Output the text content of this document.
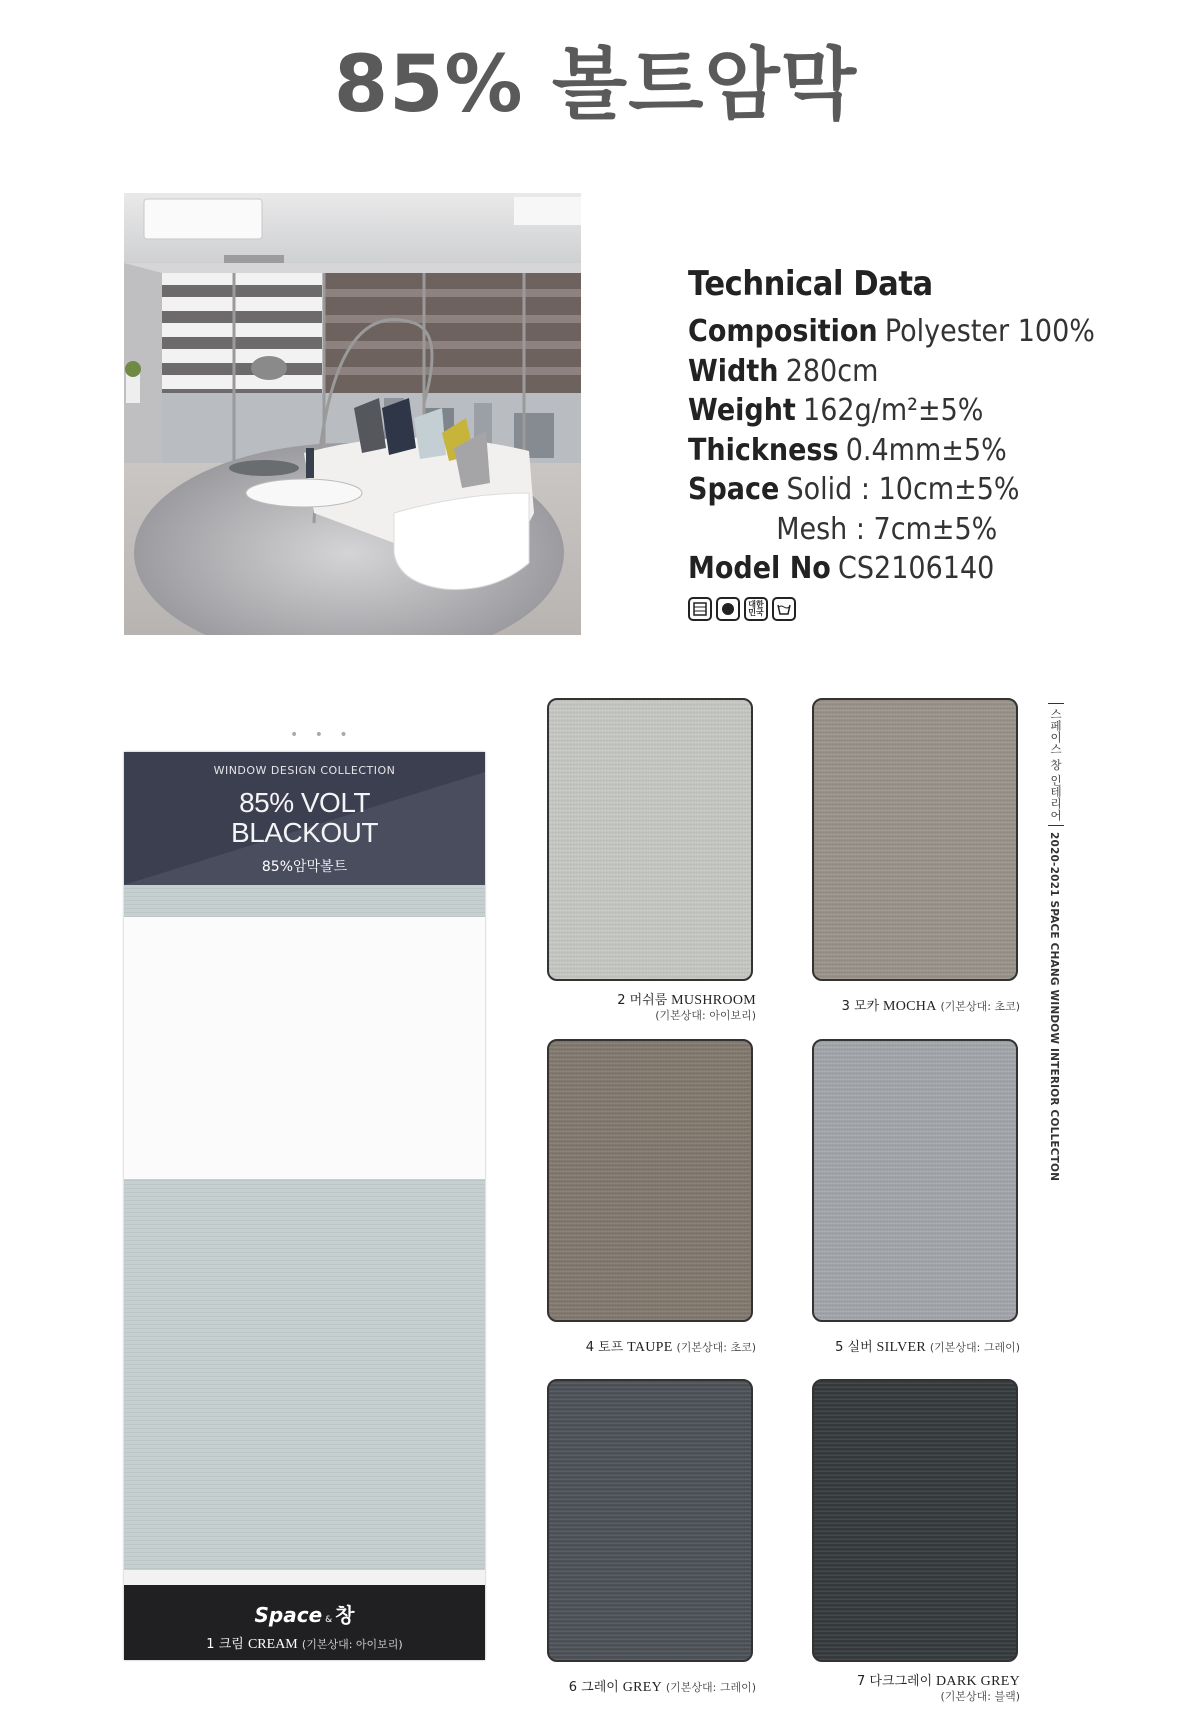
85% 볼트암막
Technical Data
Composition Polyester 100%
Width 280cm
Weight 162g/m²±5%
Thickness 0.4mm±5%
Space Solid : 10cm±5%
Mesh : 7cm±5%
Model No CS2106140
대한민국
• • •
WINDOW DESIGN COLLECTION
85% VOLT BLACKOUT
85%암막볼트
Space & 창
1 크림 CREAM (기본상대: 아이보리)
2 머쉬룸 MUSHROOM
(기본상대: 아이보리)
3 모카 MOCHA (기본상대: 초코)
4 토프 TAUPE (기본상대: 초코)	5 실버 SILVER (기본상대: 그레이)
6 그레이 GREY (기본상대: 그레이)	7 다크그레이 DARK GREY
(기본상대: 블랙)
스페이스 창 인테리어
2020-2021 SPACE CHANG WINDOW INTERIOR COLLECTON
